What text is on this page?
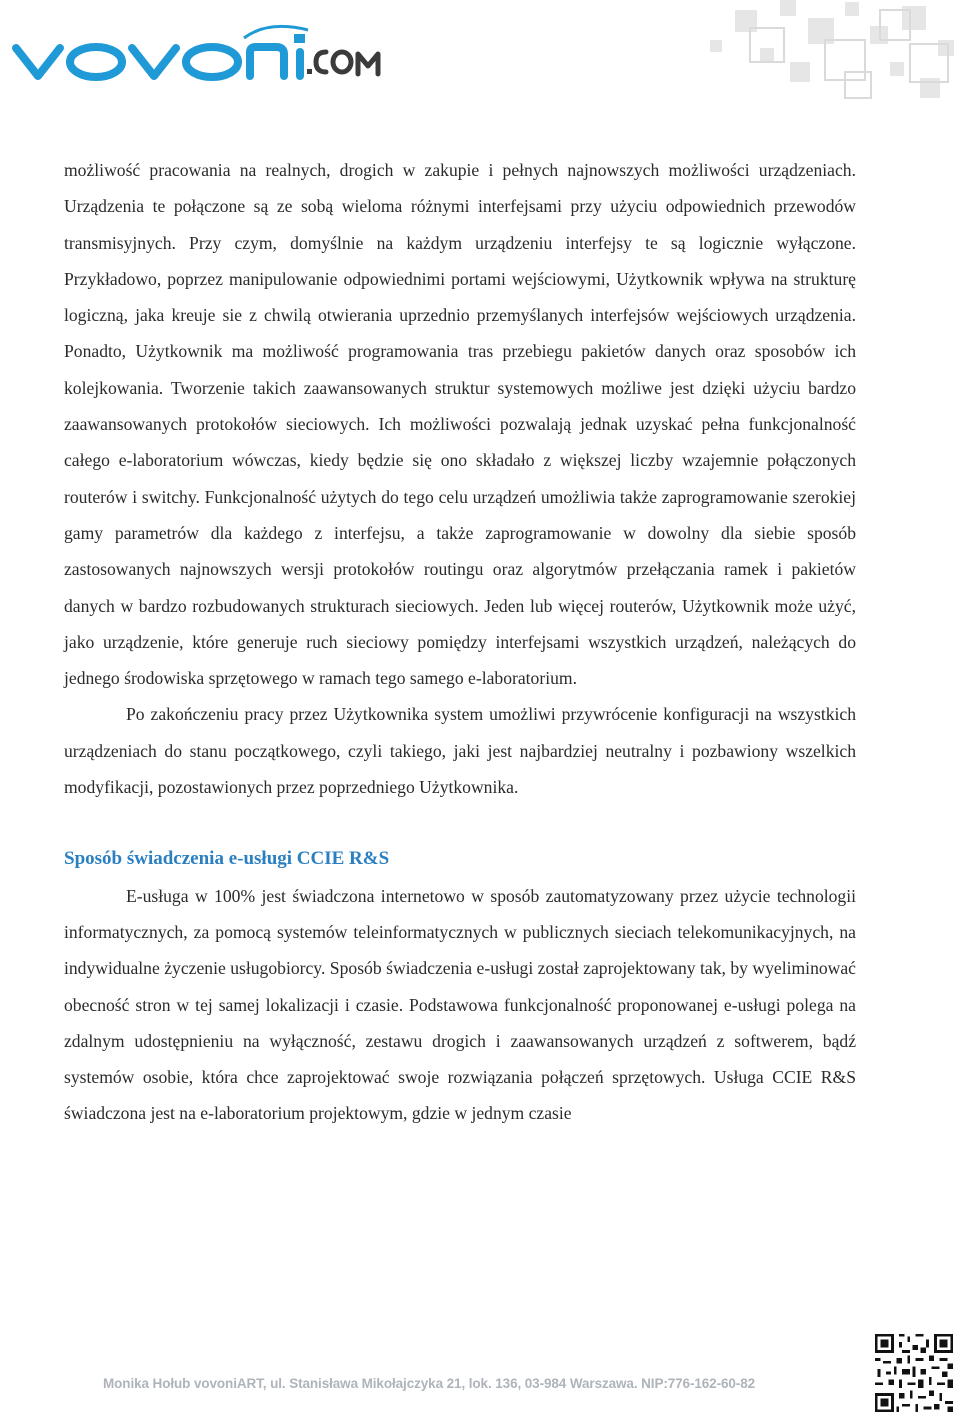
możliwość pracowania na realnych, drogich w zakupie i pełnych najnowszych możliwości urządzeniach. Urządzenia te połączone są ze sobą wieloma różnymi interfejsami przy użyciu odpowiednich przewodów transmisyjnych. Przy czym, domyślnie na każdym urządzeniu interfejsy te są logicznie wyłączone. Przykładowo, poprzez manipulowanie odpowiednimi portami wejściowymi, Użytkownik wpływa na strukturę logiczną, jaka kreuje sie z chwilą otwierania uprzednio przemyślanych interfejsów wejściowych urządzenia. Ponadto, Użytkownik ma możliwość programowania tras przebiegu pakietów danych oraz sposobów ich kolejkowania. Tworzenie takich zaawansowanych struktur systemowych możliwe jest dzięki użyciu bardzo zaawansowanych protokołów sieciowych. Ich możliwości pozwalają jednak uzyskać pełna funkcjonalność całego e-laboratorium wówczas, kiedy będzie się ono składało z większej liczby wzajemnie połączonych routerów i switchy. Funkcjonalność użytych do tego celu urządzeń umożliwia także zaprogramowanie szerokiej gamy parametrów dla każdego z interfejsu, a także zaprogramowanie w dowolny dla siebie sposób zastosowanych najnowszych wersji protokołów routingu oraz algorytmów przełączania ramek i pakietów danych w bardzo rozbudowanych strukturach sieciowych. Jeden lub więcej routerów, Użytkownik może użyć, jako urządzenie, które generuje ruch sieciowy pomiędzy interfejsami wszystkich urządzeń, należących do jednego środowiska sprzętowego w ramach tego samego e-laboratorium.

Po zakończeniu pracy przez Użytkownika system umożliwi przywrócenie konfiguracji na wszystkich urządzeniach do stanu początkowego, czyli takiego, jaki jest najbardziej neutralny i pozbawiony wszelkich modyfikacji, pozostawionych przez poprzedniego Użytkownika.

Sposób świadczenia e-usługi CCIE R&S

E-usługa w 100% jest świadczona internetowo w sposób zautomatyzowany przez użycie technologii informatycznych, za pomocą systemów teleinformatycznych w publicznych sieciach telekomunikacyjnych, na indywidualne życzenie usługobiorcy. Sposób świadczenia e-usługi został zaprojektowany tak, by wyeliminować obecność stron w tej samej lokalizacji i czasie. Podstawowa funkcjonalność proponowanej e-usługi polega na zdalnym udostępnieniu na wyłączność, zestawu drogich i zaawansowanych urządzeń z softwerem, bądź systemów osobie, która chce zaprojektować swoje rozwiązania połączeń sprzętowych. Usługa CCIE R&S świadczona jest na e-laboratorium projektowym, gdzie w jednym czasie

Monika Hołub vovoniART, ul. Stanisława Mikołajczyka 21, lok. 136, 03-984 Warszawa. NIP:776-162-60-82
